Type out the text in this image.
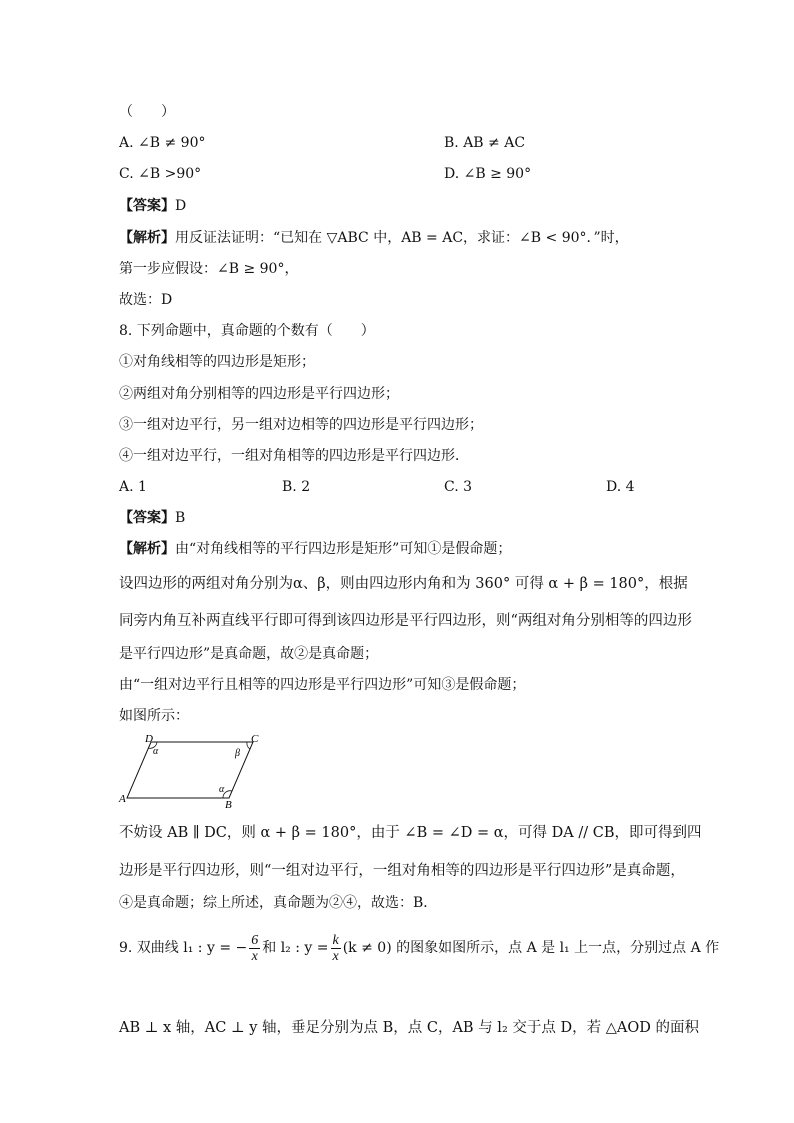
（　　）
A. ∠B ≠ 90°	B. AB ≠ AC
C. ∠B >90°	D. ∠B ≥ 90°
【答案】D
【解析】用反证法证明：“已知在 ▽ABC 中，AB = AC，求证：∠B < 90°．”时，
第一步应假设：∠B ≥ 90°，
故选：D
8. 下列命题中，真命题的个数有（　　）
①对角线相等的四边形是矩形；
②两组对角分别相等的四边形是平行四边形；
③一组对边平行，另一组对边相等的四边形是平行四边形；
④一组对边平行，一组对角相等的四边形是平行四边形．
A. 1	B. 2	C. 3	D. 4
【答案】B
【解析】由“对角线相等的平行四边形是矩形”可知①是假命题；
设四边形的两组对角分别为α、β，则由四边形内角和为 360° 可得 α + β = 180°，根据
同旁内角互补两直线平行即可得到该四边形是平行四边形，则“两组对角分别相等的四边形
是平行四边形”是真命题，故②是真命题；
由“一组对边平行且相等的四边形是平行四边形”可知③是假命题；
如图所示：
D	C
A	B
α	β
α
不妨设 AB ∥ DC，则 α + β = 180°，由于 ∠B = ∠D = α，可得 DA // CB，即可得到四
边形是平行四边形，则“一组对边平行，一组对角相等的四边形是平行四边形”是真命题，
④是真命题；综上所述，真命题为②④，故选：B．
9. 双曲线 l₁ : y = − $\frac{6}{x}$ 和 l₂ : $y = \frac{k}{x} (k \ne 0)$ 的图象如图所示，点 A 是 l₁ 上一点，分别过点 A 作
AB ⊥ x 轴，AC ⊥ y 轴，垂足分别为点 B，点 C，AB 与 l₂ 交于点 D，若 △AOD 的面积
